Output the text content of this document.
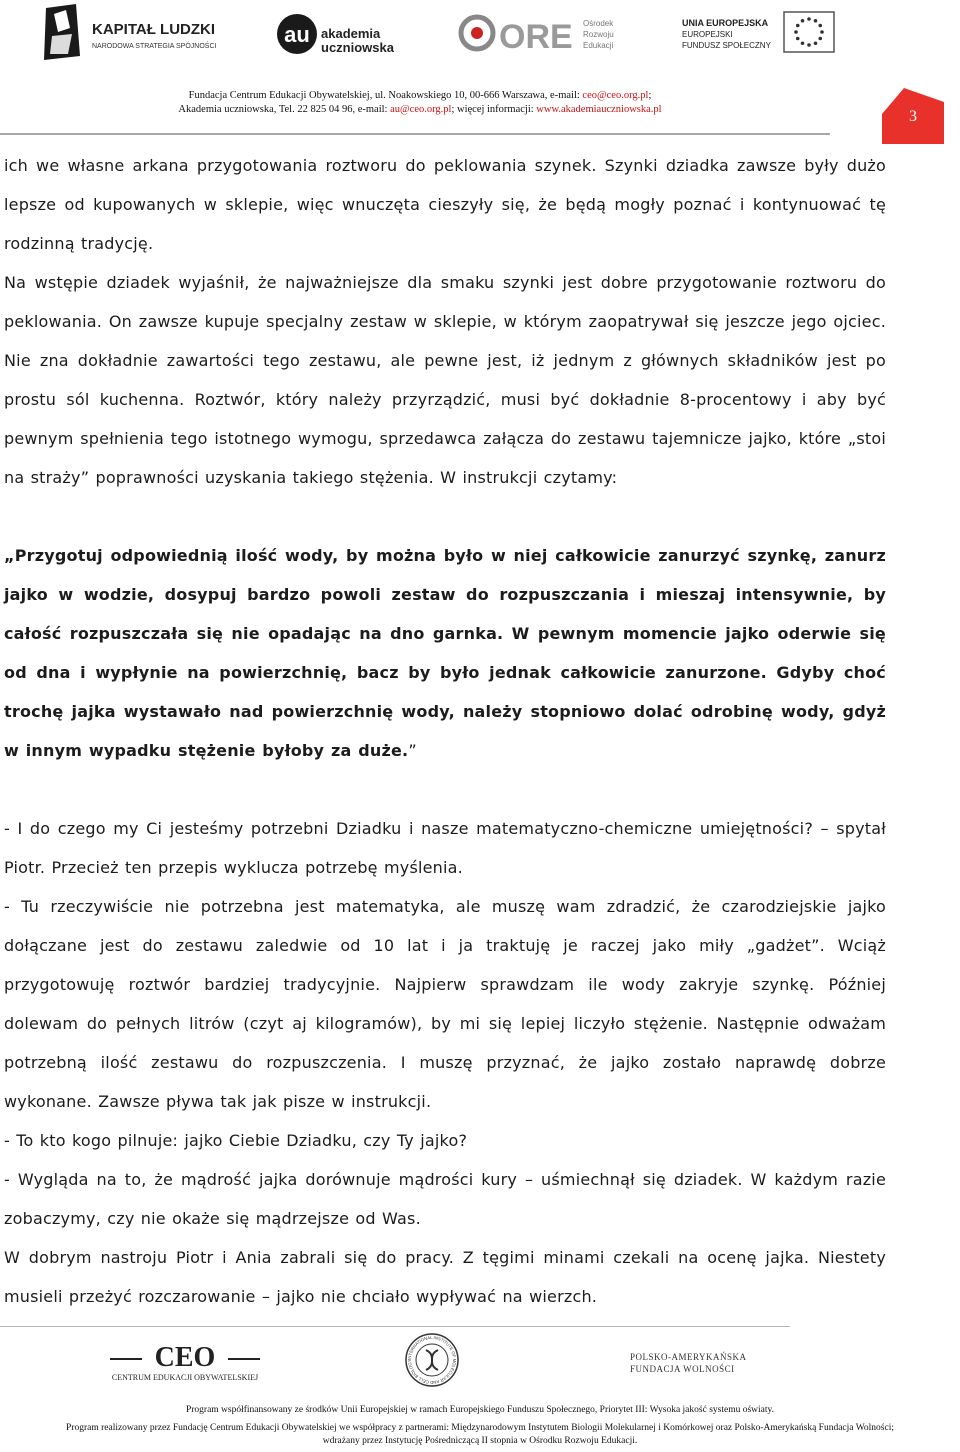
KAPITAŁ LUDZKI
NARODOWA STRATEGIA SPÓJNOŚCI	au akademia
uczniowska	ORE Ośrodek
Rozwoju
Edukacji
UNIA EUROPEJSKA
EUROPEJSKI
FUNDUSZ SPOŁECZNY
Fundacja Centrum Edukacji Obywatelskiej, ul. Noakowskiego 10, 00-666 Warszawa, e-mail: ceo@ceo.org.pl;
Akademia uczniowska, Tel. 22 825 04 96, e-mail: au@ceo.org.pl; więcej informacji: www.akademiauczniowska.pl	3

ich we własne arkana przygotowania roztworu do peklowania szynek. Szynki dziadka zawsze były dużo lepsze od kupowanych w sklepie, więc wnuczęta cieszyły się, że będą mogły poznać i kontynuować tę rodzinną tradycję.

Na wstępie dziadek wyjaśnił, że najważniejsze dla smaku szynki jest dobre przygotowanie roztworu do peklowania. On zawsze kupuje specjalny zestaw w sklepie, w którym zaopatrywał się jeszcze jego ojciec. Nie zna dokładnie zawartości tego zestawu, ale pewne jest, iż jednym z głównych składników jest po prostu sól kuchenna. Roztwór, który należy przyrządzić, musi być dokładnie 8-procentowy i aby być pewnym spełnienia tego istotnego wymogu, sprzedawca załącza do zestawu tajemnicze jajko, które „stoi na straży” poprawności uzyskania takiego stężenia. W instrukcji czytamy:

„Przygotuj odpowiednią ilość wody, by można było w niej całkowicie zanurzyć szynkę, zanurz jajko w wodzie, dosypuj bardzo powoli zestaw do rozpuszczania i mieszaj intensywnie, by całość rozpuszczała się nie opadając na dno garnka. W pewnym momencie jajko oderwie się od dna i wypłynie na powierzchnię, bacz by było jednak całkowicie zanurzone. Gdyby choć trochę jajka wystawało nad powierzchnię wody, należy stopniowo dolać odrobinę wody, gdyż w innym wypadku stężenie byłoby za duże.”

- I do czego my Ci jesteśmy potrzebni Dziadku i nasze matematyczno-chemiczne umiejętności? – spytał Piotr. Przecież ten przepis wyklucza potrzebę myślenia.

- Tu rzeczywiście nie potrzebna jest matematyka, ale muszę wam zdradzić, że czarodziejskie jajko dołączane jest do zestawu zaledwie od 10 lat i ja traktuję je raczej jako miły „gadżet”. Wciąż przygotowuję roztwór bardziej tradycyjnie. Najpierw sprawdzam ile wody zakryje szynkę. Później dolewam do pełnych litrów (czyt aj kilogramów), by mi się lepiej liczyło stężenie. Następnie odważam potrzebną ilość zestawu do rozpuszczenia. I muszę przyznać, że jajko zostało naprawdę dobrze wykonane. Zawsze pływa tak jak pisze w instrukcji.

- To kto kogo pilnuje: jajko Ciebie Dziadku, czy Ty jajko?

- Wygląda na to, że mądrość jajka dorównuje mądrości kury – uśmiechnął się dziadek. W każdym razie zobaczymy, czy nie okaże się mądrzejsze od Was.

W dobrym nastroju Piotr i Ania zabrali się do pracy. Z tęgimi minami czekali na ocenę jajka. Niestety musieli przeżyć rozczarowanie – jajko nie chciało wypływać na wierzch.

CEO
CENTRUM EDUKACJI OBYWATELSKIEJ
INTERNATIONAL INSTITUTE OF MOLECULAR AND CELL BIOLOGY	POLSKO-AMERYKAŃSKA
FUNDACJA WOLNOŚCI
Program współfinansowany ze środków Unii Europejskiej w ramach Europejskiego Funduszu Społecznego, Priorytet III: Wysoka jakość systemu oświaty.
Program realizowany przez Fundację Centrum Edukacji Obywatelskiej we współpracy z partnerami: Międzynarodowym Instytutem Biologii Molekularnej i Komórkowej oraz Polsko-Amerykańską Fundacja Wolności;
wdrażany przez Instytucję Pośredniczącą II stopnia w Ośrodku Rozwoju Edukacji.
